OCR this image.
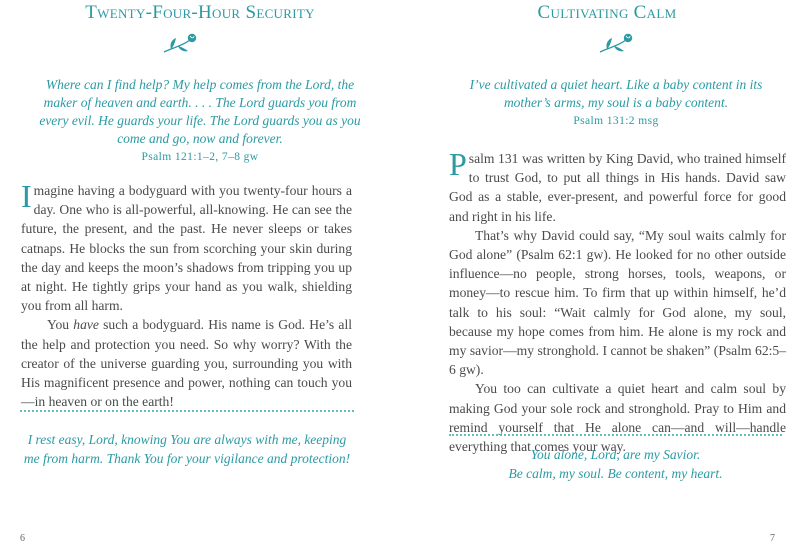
Twenty-Four-Hour Security
Where can I find help? My help comes from the Lord, the maker of heaven and earth. . . . The Lord guards you from every evil. He guards your life. The Lord guards you as you come and go, now and forever.
Psalm 121:1–2, 7–8 gw

Imagine having a bodyguard with you twenty-four hours a day. One who is all-powerful, all-knowing. He can see the future, the present, and the past. He never sleeps or takes catnaps. He blocks the sun from scorching your skin during the day and keeps the moon’s shadows from tripping you up at night. He tightly grips your hand as you walk, shielding you from all harm.

You have such a bodyguard. His name is God. He’s all the help and protection you need. So why worry? With the creator of the universe guarding you, surrounding you with His magnificent presence and power, nothing can touch you—in heaven or on the earth!

I rest easy, Lord, knowing You are always with me, keeping me from harm. Thank You for your vigilance and protection!
6
Cultivating Calm
I’ve cultivated a quiet heart. Like a baby content in its mother’s arms, my soul is a baby content.
Psalm 131:2 msg

Psalm 131 was written by King David, who trained himself to trust God, to put all things in His hands. David saw God as a stable, ever-present, and powerful force for good and right in his life.

That’s why David could say, “My soul waits calmly for God alone” (Psalm 62:1 gw). He looked for no other outside influence—no people, strong horses, tools, weapons, or money—to rescue him. To firm that up within himself, he’d talk to his soul: “Wait calmly for God alone, my soul, because my hope comes from him. He alone is my rock and my savior—my stronghold. I cannot be shaken” (Psalm 62:5–6 gw).

You too can cultivate a quiet heart and calm soul by making God your sole rock and stronghold. Pray to Him and remind yourself that He alone can—and will—handle everything that comes your way.

You alone, Lord, are my Savior.
Be calm, my soul. Be content, my heart.
7
